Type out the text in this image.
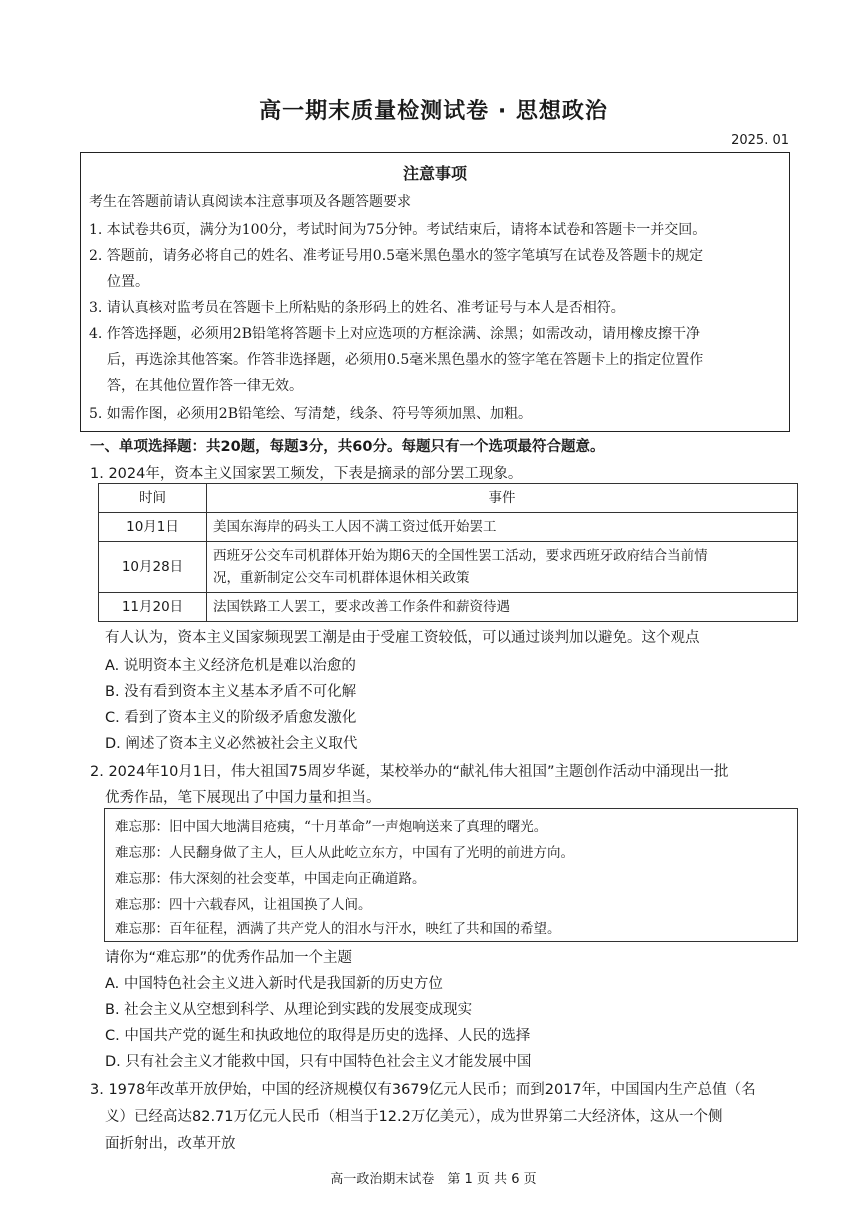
高一期末质量检测试卷 · 思想政治
2025. 01
注意事项
考生在答题前请认真阅读本注意事项及各题答题要求
1. 本试卷共6页，满分为100分，考试时间为75分钟。考试结束后，请将本试卷和答题卡一并交回。
2. 答题前，请务必将自己的姓名、准考证号用0.5毫米黑色墨水的签字笔填写在试卷及答题卡的规定
位置。
3. 请认真核对监考员在答题卡上所粘贴的条形码上的姓名、准考证号与本人是否相符。
4. 作答选择题，必须用2B铅笔将答题卡上对应选项的方框涂满、涂黑；如需改动，请用橡皮擦干净
后，再选涂其他答案。作答非选择题，必须用0.5毫米黑色墨水的签字笔在答题卡上的指定位置作
答，在其他位置作答一律无效。
5. 如需作图，必须用2B铅笔绘、写清楚，线条、符号等须加黑、加粗。
一、单项选择题：共20题，每题3分，共60分。每题只有一个选项最符合题意。
1. 2024年，资本主义国家罢工频发，下表是摘录的部分罢工现象。
时间	事件
10月1日	美国东海岸的码头工人因不满工资过低开始罢工
10月28日	西班牙公交车司机群体开始为期6天的全国性罢工活动，要求西班牙政府结合当前情
况，重新制定公交车司机群体退休相关政策
11月20日	法国铁路工人罢工，要求改善工作条件和薪资待遇
有人认为，资本主义国家频现罢工潮是由于受雇工资较低，可以通过谈判加以避免。这个观点
A. 说明资本主义经济危机是难以治愈的
B. 没有看到资本主义基本矛盾不可化解
C. 看到了资本主义的阶级矛盾愈发激化
D. 阐述了资本主义必然被社会主义取代
2. 2024年10月1日，伟大祖国75周岁华诞，某校举办的“献礼伟大祖国”主题创作活动中涌现出一批
优秀作品，笔下展现出了中国力量和担当。
难忘那：旧中国大地满目疮痍，“十月革命”一声炮响送来了真理的曙光。
难忘那：人民翻身做了主人，巨人从此屹立东方，中国有了光明的前进方向。
难忘那：伟大深刻的社会变革，中国走向正确道路。
难忘那：四十六载春风，让祖国换了人间。
难忘那：百年征程，洒满了共产党人的泪水与汗水，映红了共和国的希望。
请你为“难忘那”的优秀作品加一个主题
A. 中国特色社会主义进入新时代是我国新的历史方位
B. 社会主义从空想到科学、从理论到实践的发展变成现实
C. 中国共产党的诞生和执政地位的取得是历史的选择、人民的选择
D. 只有社会主义才能救中国，只有中国特色社会主义才能发展中国
3. 1978年改革开放伊始，中国的经济规模仅有3679亿元人民币；而到2017年，中国国内生产总值（名
义）已经高达82.71万亿元人民币（相当于12.2万亿美元），成为世界第二大经济体，这从一个侧
面折射出，改革开放
高一政治期末试卷　第 1 页 共 6 页
